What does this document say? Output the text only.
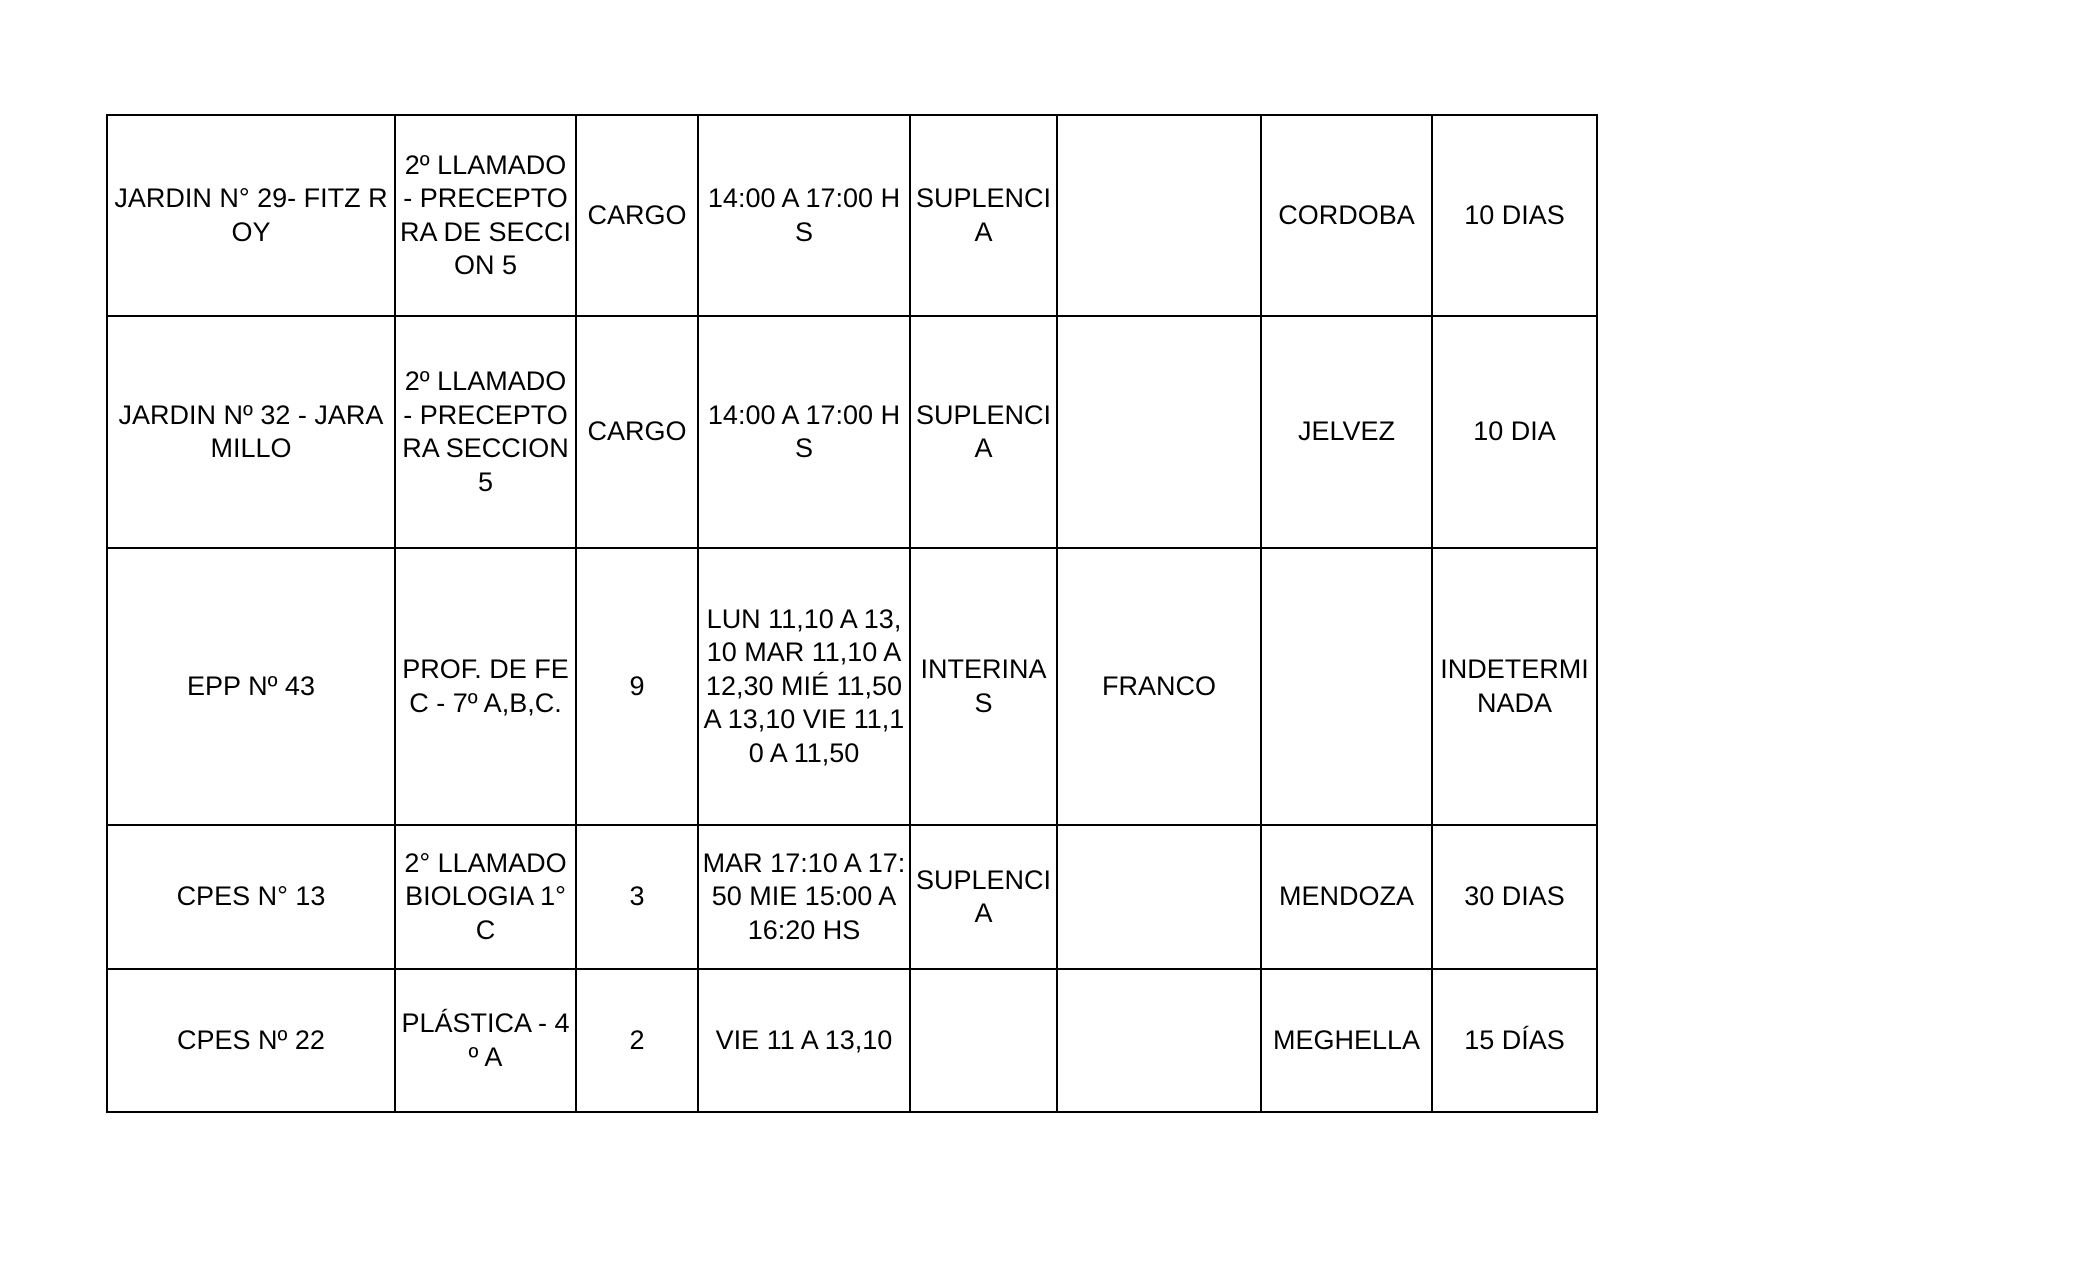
JARDIN N° 29- FITZ ROY	2º LLAMADO - PRECEPTORA DE SECCION 5	CARGO	14:00 A 17:00 HS	SUPLENCIA		CORDOBA	10 DIAS
JARDIN Nº 32 - JARAMILLO	2º LLAMADO - PRECEPTORA SECCION 5	CARGO	14:00 A 17:00 HS	SUPLENCIA		JELVEZ	10 DIA
EPP Nº 43	PROF. DE FEC - 7º A,B,C.	9	LUN 11,10 A 13,10 MAR 11,10 A 12,30 MIÉ 11,50 A 13,10 VIE 11,10 A 11,50	INTERINAS	FRANCO		INDETERMINADA
CPES N° 13	2° LLAMADO BIOLOGIA 1° C	3	MAR 17:10 A 17:50 MIE 15:00 A 16:20 HS	SUPLENCIA		MENDOZA	30 DIAS
CPES Nº 22	PLÁSTICA - 4º A	2	VIE 11 A 13,10			MEGHELLA	15 DÍAS
